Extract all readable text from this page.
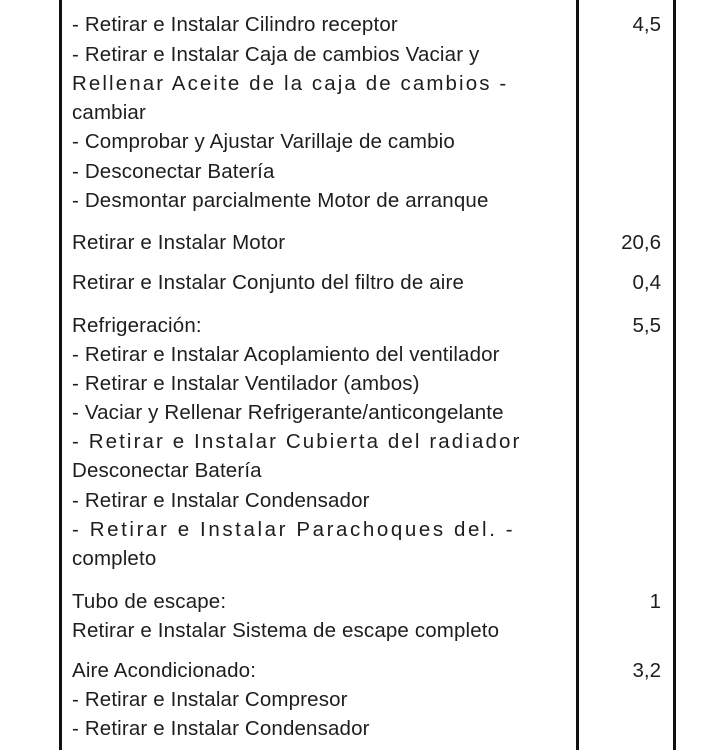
- Retirar e Instalar Cilindro receptor
- Retirar e Instalar Caja de cambios Vaciar y
Rellenar Aceite de la caja de cambios -
cambiar
- Comprobar y Ajustar Varillaje de cambio
- Desconectar Batería
- Desmontar parcialmente Motor de arranque
4,5
Retirar e Instalar Motor	20,6
Retirar e Instalar Conjunto del filtro de aire	0,4
Refrigeración:
- Retirar e Instalar Acoplamiento del ventilador
- Retirar e Instalar Ventilador (ambos)
- Vaciar y Rellenar Refrigerante/anticongelante
- Retirar e Instalar Cubierta del radiador
Desconectar Batería
- Retirar e Instalar Condensador
- Retirar e Instalar Parachoques del. -
completo
5,5
Tubo de escape:
Retirar e Instalar Sistema de escape completo
1
Aire Acondicionado:
- Retirar e Instalar Compresor
- Retirar e Instalar Condensador
3,2
